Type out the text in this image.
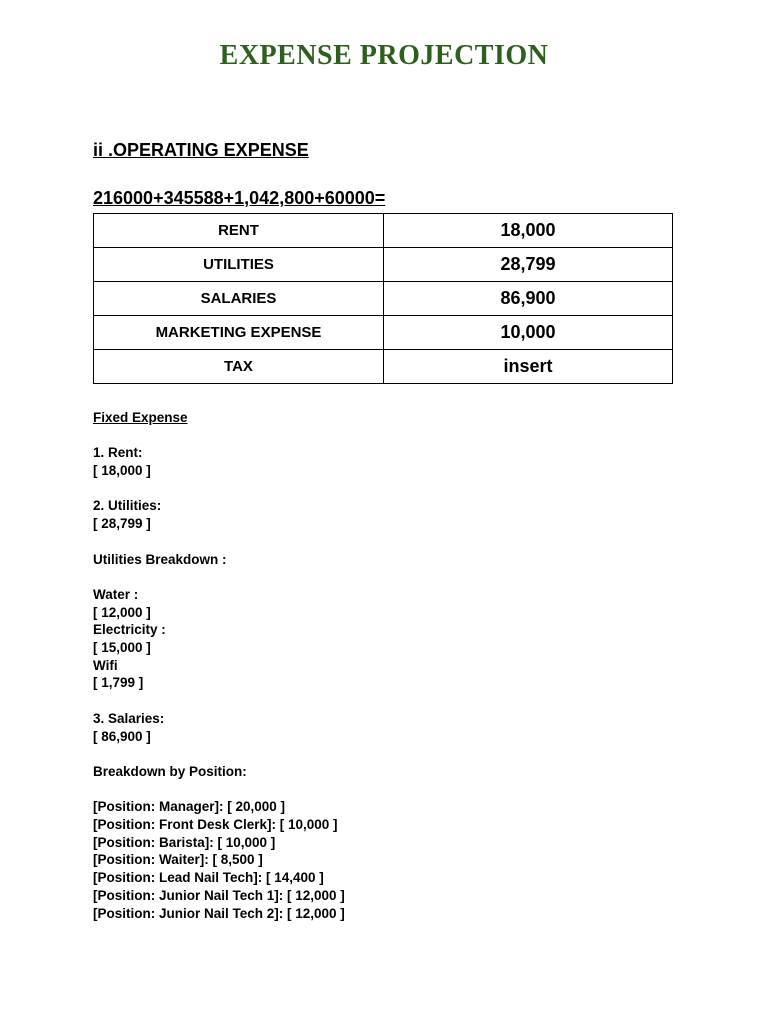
EXPENSE PROJECTION
ii .OPERATING EXPENSE
216000+345588+1,042,800+60000=
RENT	18,000
UTILITIES	28,799
SALARIES	86,900
MARKETING EXPENSE	10,000
TAX	insert
Fixed Expense
1. Rent:
[ 18,000 ]
2. Utilities:
[ 28,799 ]
Utilities Breakdown :
Water :
[ 12,000 ]
Electricity :
[ 15,000 ]
Wifi
[ 1,799 ]
3. Salaries:
[ 86,900 ]
Breakdown by Position:
[Position: Manager]: [ 20,000 ]
[Position: Front Desk Clerk]: [ 10,000 ]
[Position: Barista]: [ 10,000 ]
[Position: Waiter]: [ 8,500 ]
[Position: Lead Nail Tech]: [ 14,400 ]
[Position: Junior Nail Tech 1]: [ 12,000 ]
[Position: Junior Nail Tech 2]: [ 12,000 ]
